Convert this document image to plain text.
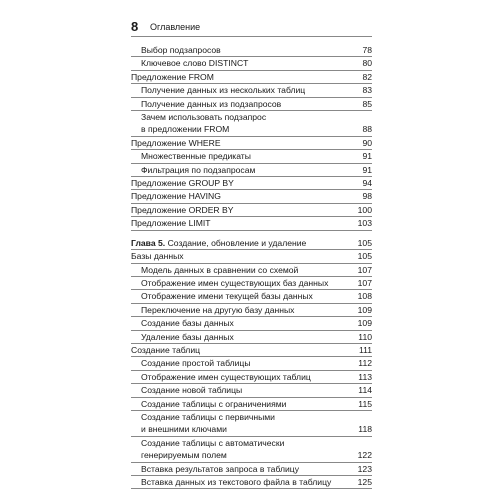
8 Оглавление
Выбор подзапросов	78
Ключевое слово DISTINCT	80
Предложение FROM	82
Получение данных из нескольких таблиц	83
Получение данных из подзапросов	85
Зачем использовать подзапрос
в предложении FROM	88
Предложение WHERE	90
Множественные предикаты	91
Фильтрация по подзапросам	91
Предложение GROUP BY	94
Предложение HAVING	98
Предложение ORDER BY	100
Предложение LIMIT	103
Глава 5. Создание, обновление и удаление	105
Базы данных	105
Модель данных в сравнении со схемой	107
Отображение имен существующих баз данных	107
Отображение имени текущей базы данных	108
Переключение на другую базу данных	109
Создание базы данных	109
Удаление базы данных	110
Создание таблиц	111
Создание простой таблицы	112
Отображение имен существующих таблиц	113
Создание новой таблицы	114
Создание таблицы с ограничениями	115
Создание таблицы с первичными
и внешними ключами	118
Создание таблицы с автоматически
генерируемым полем	122
Вставка результатов запроса в таблицу	123
Вставка данных из текстового файла в таблицу	125
